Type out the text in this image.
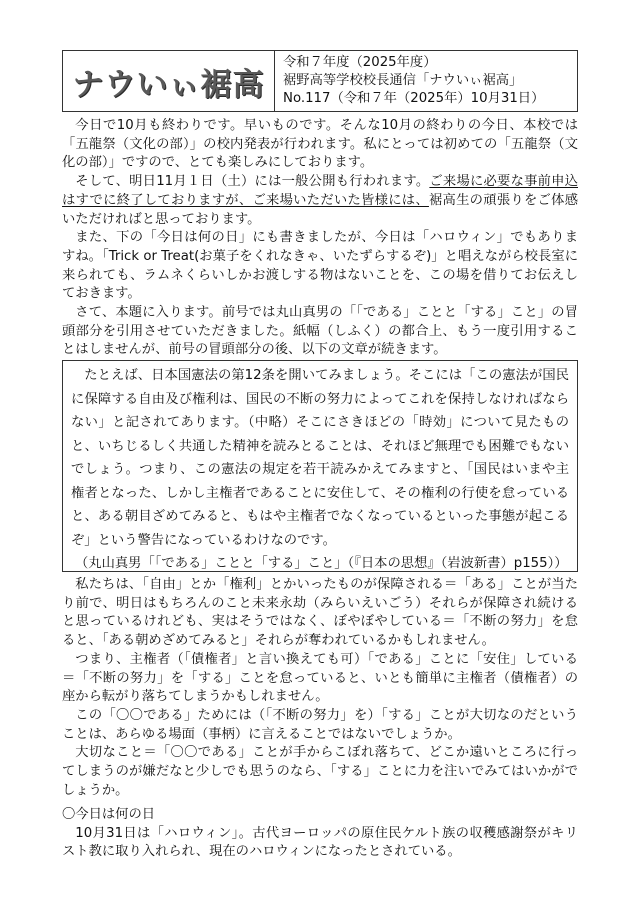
ナウいぃ裾高
令和７年度（2025年度）
裾野高等学校校長通信「ナウいぃ裾高」
No.117（令和７年（2025年）10月31日）

今日で10月も終わりです。早いものです。そんな10月の終わりの今日、本校では「五龍祭（文化の部）」の校内発表が行われます。私にとっては初めての「五龍祭（文化の部）」ですので、とても楽しみにしております。

そして、明日11月１日（土）には一般公開も行われます。ご来場に必要な事前申込はすでに終了しておりますが、ご来場いただいた皆様には、裾高生の頑張りをご体感いただければと思っております。

また、下の「今日は何の日」にも書きましたが、今日は「ハロウィン」でもありますね。「Trick or Treat(お菓子をくれなきゃ、いたずらするぞ)」と唱えながら校長室に来られても、ラムネくらいしかお渡しする物はないことを、この場を借りてお伝えしておきます。

さて、本題に入ります。前号では丸山真男の「「である」ことと「する」こと」の冒頭部分を引用させていただきました。紙幅（しふく）の都合上、もう一度引用することはしませんが、前号の冒頭部分の後、以下の文章が続きます。

たとえば、日本国憲法の第12条を開いてみましょう。そこには「この憲法が国民に保障する自由及び権利は、国民の不断の努力によってこれを保持しなければならない」と記されてあります。（中略）そこにさきほどの「時効」について見たものと、いちじるしく共通した精神を読みとることは、それほど無理でも困難でもないでしょう。つまり、この憲法の規定を若干読みかえてみますと、「国民はいまや主権者となった、しかし主権者であることに安住して、その権利の行使を怠っていると、ある朝目ざめてみると、もはや主権者でなくなっているといった事態が起こるぞ」という警告になっているわけなのです。

（丸山真男「「である」ことと「する」こと」（『日本の思想』（岩波新書）p155））

私たちは、「自由」とか「権利」とかいったものが保障される＝「ある」ことが当たり前で、明日はもちろんのこと未来永劫（みらいえいごう）それらが保障され続けると思っているけれども、実はそうではなく、ぼやぼやしている＝「不断の努力」を怠ると、「ある朝めざめてみると」それらが奪われているかもしれません。

つまり、主権者（「債権者」と言い換えても可）「である」ことに「安住」している＝「不断の努力」を「する」ことを怠っていると、いとも簡単に主権者（債権者）の座から転がり落ちてしまうかもしれません。

この「〇〇である」ためには（「不断の努力」を）「する」ことが大切なのだということは、あらゆる場面（事柄）に言えることではないでしょうか。

大切なこと＝「〇〇である」ことが手からこぼれ落ちて、どこか遠いところに行ってしまうのが嫌だなと少しでも思うのなら、「する」ことに力を注いでみてはいかがでしょうか。

〇今日は何の日

10月31日は「ハロウィン」。古代ヨーロッパの原住民ケルト族の収穫感謝祭がキリスト教に取り入れられ、現在のハロウィンになったとされている。
